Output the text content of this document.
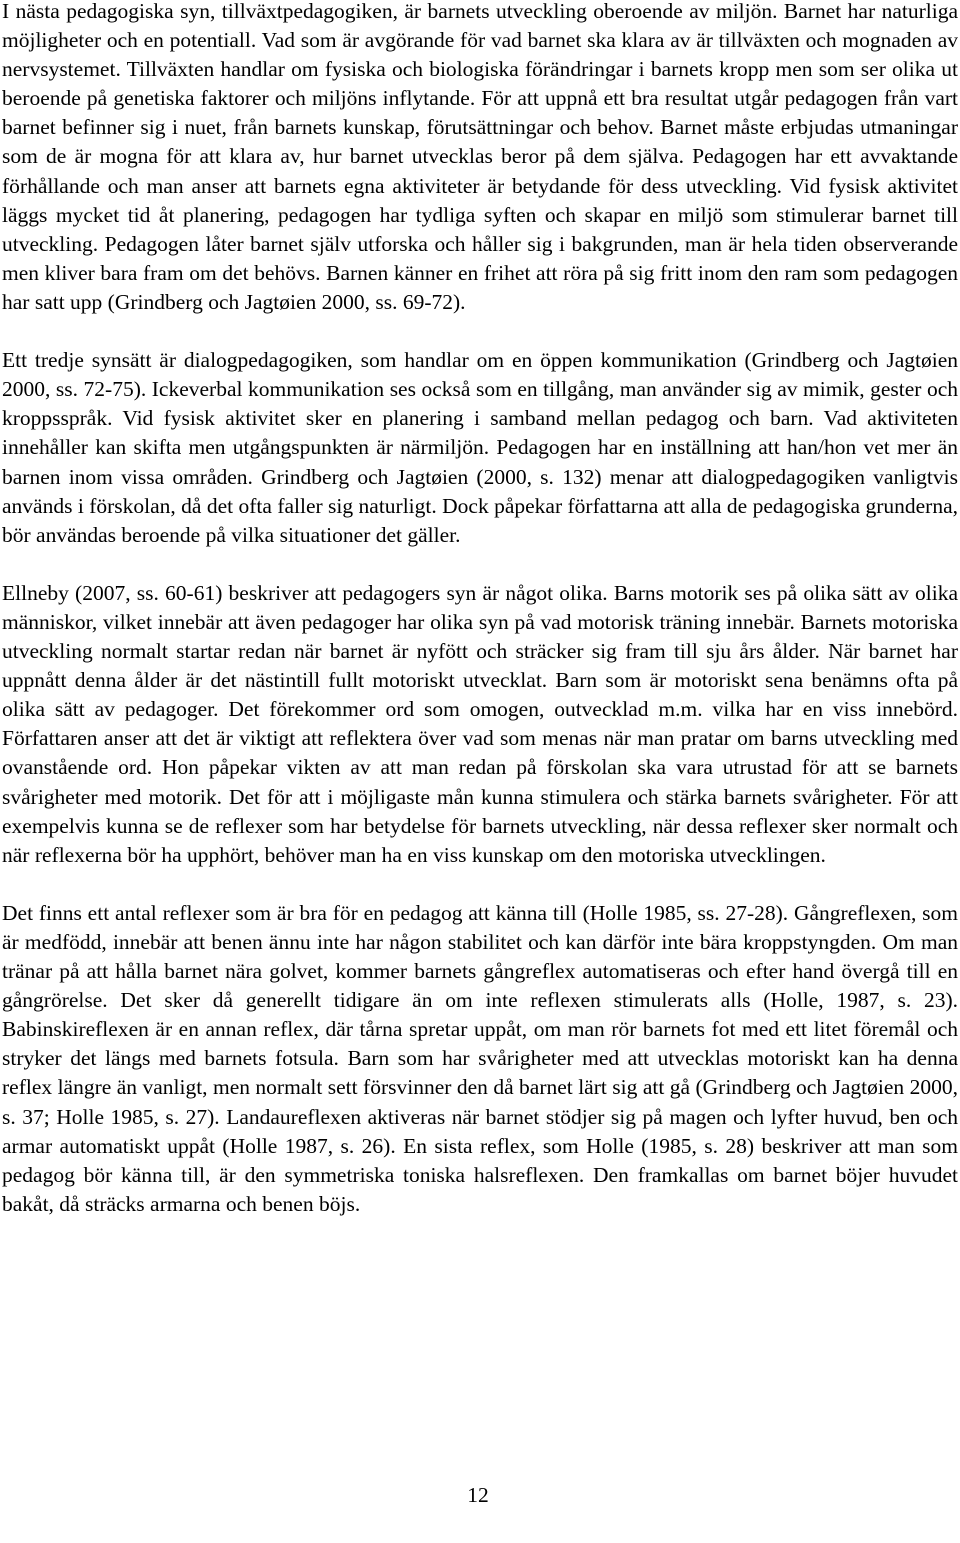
I nästa pedagogiska syn, tillväxtpedagogiken, är barnets utveckling oberoende av miljön. Barnet har naturliga möjligheter och en potentiall. Vad som är avgörande för vad barnet ska klara av är tillväxten och mognaden av nervsystemet. Tillväxten handlar om fysiska och biologiska förändringar i barnets kropp men som ser olika ut beroende på genetiska faktorer och miljöns inflytande. För att uppnå ett bra resultat utgår pedagogen från vart barnet befinner sig i nuet, från barnets kunskap, förutsättningar och behov. Barnet måste erbjudas utmaningar som de är mogna för att klara av, hur barnet utvecklas beror på dem själva. Pedagogen har ett avvaktande förhållande och man anser att barnets egna aktiviteter är betydande för dess utveckling. Vid fysisk aktivitet läggs mycket tid åt planering, pedagogen har tydliga syften och skapar en miljö som stimulerar barnet till utveckling. Pedagogen låter barnet själv utforska och håller sig i bakgrunden, man är hela tiden observerande men kliver bara fram om det behövs. Barnen känner en frihet att röra på sig fritt inom den ram som pedagogen har satt upp (Grindberg och Jagtøien 2000, ss. 69-72).

Ett tredje synsätt är dialogpedagogiken, som handlar om en öppen kommunikation (Grindberg och Jagtøien 2000, ss. 72-75). Ickeverbal kommunikation ses också som en tillgång, man använder sig av mimik, gester och kroppsspråk. Vid fysisk aktivitet sker en planering i samband mellan pedagog och barn. Vad aktiviteten innehåller kan skifta men utgångspunkten är närmiljön. Pedagogen har en inställning att han/hon vet mer än barnen inom vissa områden. Grindberg och Jagtøien (2000, s. 132) menar att dialogpedagogiken vanligtvis används i förskolan, då det ofta faller sig naturligt. Dock påpekar författarna att alla de pedagogiska grunderna, bör användas beroende på vilka situationer det gäller.

Ellneby (2007, ss. 60-61) beskriver att pedagogers syn är något olika. Barns motorik ses på olika sätt av olika människor, vilket innebär att även pedagoger har olika syn på vad motorisk träning innebär. Barnets motoriska utveckling normalt startar redan när barnet är nyfött och sträcker sig fram till sju års ålder. När barnet har uppnått denna ålder är det nästintill fullt motoriskt utvecklat. Barn som är motoriskt sena benämns ofta på olika sätt av pedagoger. Det förekommer ord som omogen, outvecklad m.m. vilka har en viss innebörd. Författaren anser att det är viktigt att reflektera över vad som menas när man pratar om barns utveckling med ovanstående ord. Hon påpekar vikten av att man redan på förskolan ska vara utrustad för att se barnets svårigheter med motorik. Det för att i möjligaste mån kunna stimulera och stärka barnets svårigheter. För att exempelvis kunna se de reflexer som har betydelse för barnets utveckling, när dessa reflexer sker normalt och när reflexerna bör ha upphört, behöver man ha en viss kunskap om den motoriska utvecklingen.

Det finns ett antal reflexer som är bra för en pedagog att känna till (Holle 1985, ss. 27-28). Gångreflexen, som är medfödd, innebär att benen ännu inte har någon stabilitet och kan därför inte bära kroppstyngden. Om man tränar på att hålla barnet nära golvet, kommer barnets gångreflex automatiseras och efter hand övergå till en gångrörelse. Det sker då generellt tidigare än om inte reflexen stimulerats alls (Holle, 1987, s. 23). Babinskireflexen är en annan reflex, där tårna spretar uppåt, om man rör barnets fot med ett litet föremål och stryker det längs med barnets fotsula. Barn som har svårigheter med att utvecklas motoriskt kan ha denna reflex längre än vanligt, men normalt sett försvinner den då barnet lärt sig att gå (Grindberg och Jagtøien 2000, s. 37; Holle 1985, s. 27). Landaureflexen aktiveras när barnet stödjer sig på magen och lyfter huvud, ben och armar automatiskt uppåt (Holle 1987, s. 26). En sista reflex, som Holle (1985, s. 28) beskriver att man som pedagog bör känna till, är den symmetriska toniska halsreflexen. Den framkallas om barnet böjer huvudet bakåt, då sträcks armarna och benen böjs.

12
